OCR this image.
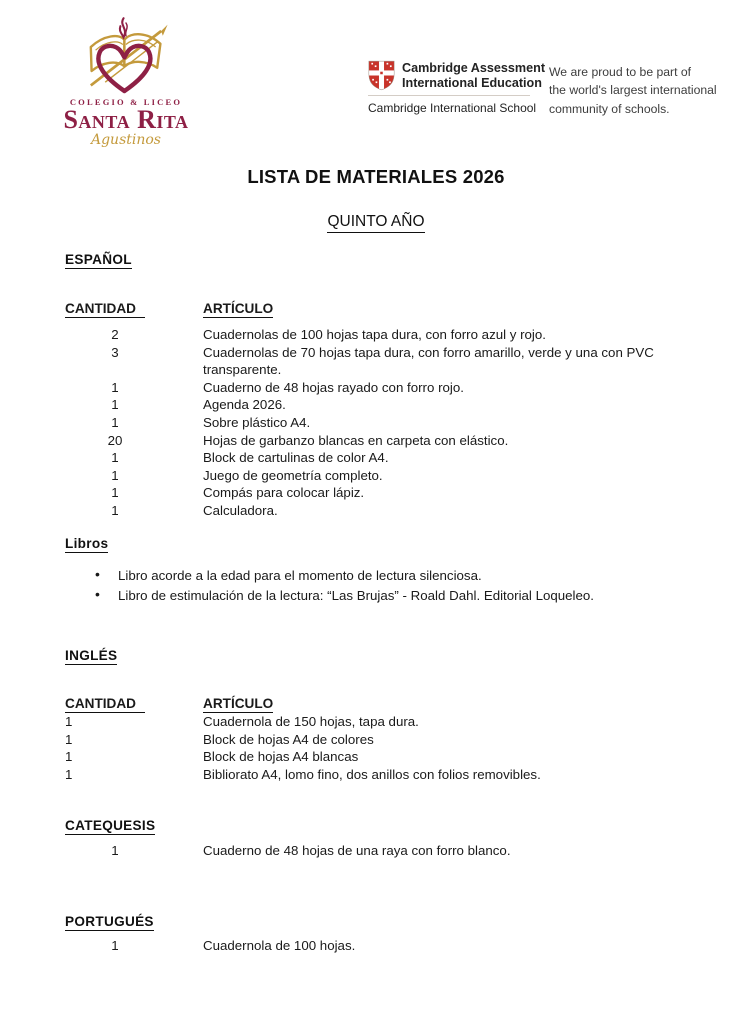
COLEGIO & LICEO
Santa Rita
Agustinos
Cambridge Assessment
International Education
Cambridge International School
We are proud to be part of
the world's largest international
community of schools.
LISTA DE MATERIALES 2026
QUINTO AÑO
ESPAÑOL
CANTIDAD	ARTÍCULO
2	Cuadernolas de 100 hojas tapa dura, con forro azul y rojo.
3	Cuadernolas de 70 hojas tapa dura, con forro amarillo, verde y una con PVC transparente.
1	Cuaderno de 48 hojas rayado con forro rojo.
1	Agenda 2026.
1	Sobre plástico A4.
20	Hojas de garbanzo blancas en carpeta con elástico.
1	Block de cartulinas de color A4.
1	Juego de geometría completo.
1	Compás para colocar lápiz.
1	Calculadora.
Libros
• Libro acorde a la edad para el momento de lectura silenciosa.
• Libro de estimulación de la lectura: “Las Brujas” - Roald Dahl. Editorial Loqueleo.
INGLÉS
CANTIDAD	ARTÍCULO
1	Cuadernola de 150 hojas, tapa dura.
1	Block de hojas A4 de colores
1	Block de hojas A4 blancas
1	Bibliorato A4, lomo fino, dos anillos con folios removibles.
CATEQUESIS
1	Cuaderno de 48 hojas de una raya con forro blanco.
PORTUGUÉS
1	Cuadernola de 100 hojas.
